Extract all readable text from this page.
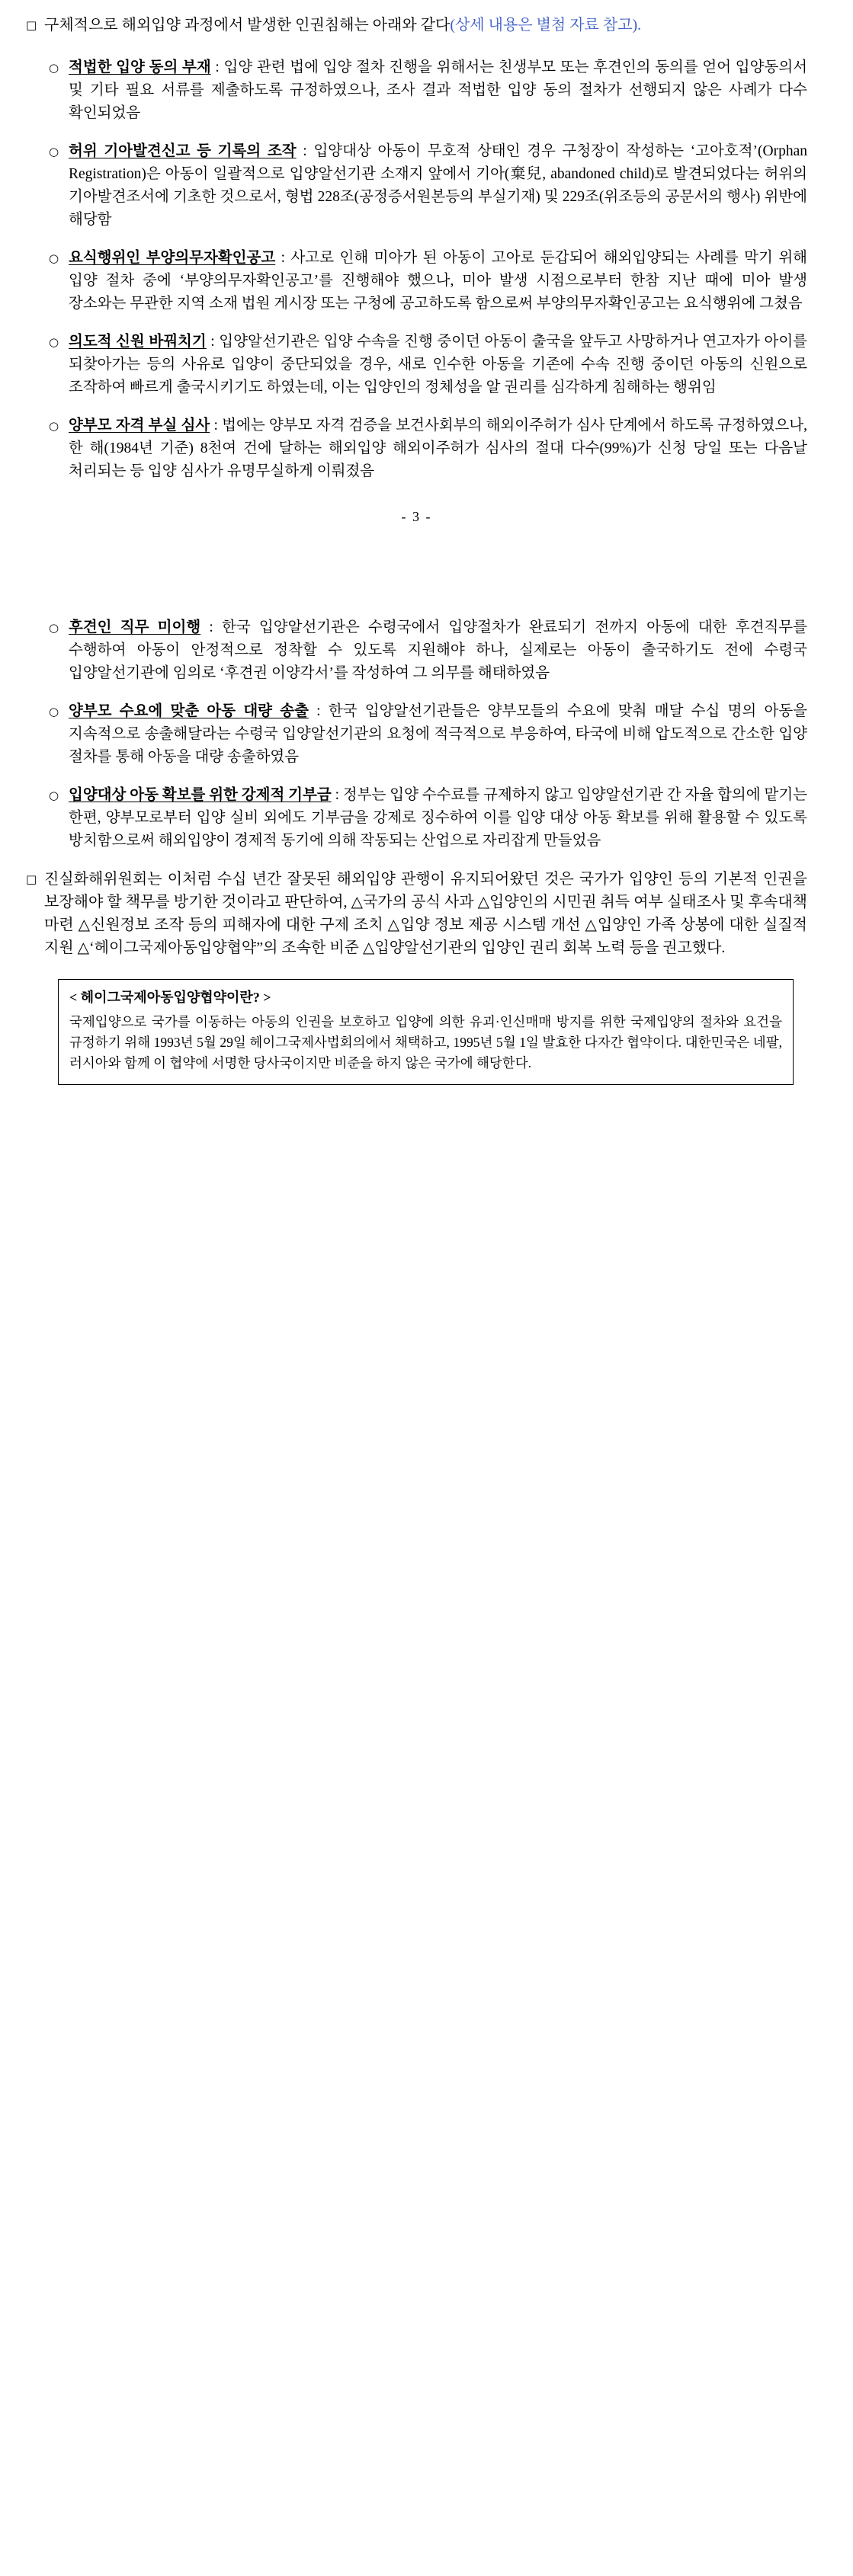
□ 구체적으로 해외입양 과정에서 발생한 인권침해는 아래와 같다(상세 내용은 별첨 자료 참고).
○ 적법한 입양 동의 부재 : 입양 관련 법에 입양 절차 진행을 위해서는 친생부모 또는 후견인의 동의를 얻어 입양동의서 및 기타 필요 서류를 제출하도록 규정하였으나, 조사 결과 적법한 입양 동의 절차가 선행되지 않은 사례가 다수 확인되었음
○ 허위 기아발견신고 등 기록의 조작 : 입양대상 아동이 무호적 상태인 경우 구청장이 작성하는 ‘고아호적’(Orphan Registration)은 아동이 일괄적으로 입양알선기관 소재지 앞에서 기아(棄兒, abandoned child)로 발견되었다는 허위의 기아발견조서에 기초한 것으로서, 형법 228조(공정증서원본등의 부실기재) 및 229조(위조등의 공문서의 행사) 위반에 해당함
○ 요식행위인 부양의무자확인공고 : 사고로 인해 미아가 된 아동이 고아로 둔갑되어 해외입양되는 사례를 막기 위해 입양 절차 중에 ‘부양의무자확인공고’를 진행해야 했으나, 미아 발생 시점으로부터 한참 지난 때에 미아 발생 장소와는 무관한 지역 소재 법원 게시장 또는 구청에 공고하도록 함으로써 부양의무자확인공고는 요식행위에 그쳤음
○ 의도적 신원 바꿔치기 : 입양알선기관은 입양 수속을 진행 중이던 아동이 출국을 앞두고 사망하거나 연고자가 아이를 되찾아가는 등의 사유로 입양이 중단되었을 경우, 새로 인수한 아동을 기존에 수속 진행 중이던 아동의 신원으로 조작하여 빠르게 출국시키기도 하였는데, 이는 입양인의 정체성을 알 권리를 심각하게 침해하는 행위임
○ 양부모 자격 부실 심사 : 법에는 양부모 자격 검증을 보건사회부의 해외이주허가 심사 단계에서 하도록 규정하였으나, 한 해(1984년 기준) 8천여 건에 달하는 해외입양 해외이주허가 심사의 절대 다수(99%)가 신청 당일 또는 다음날 처리되는 등 입양 심사가 유명무실하게 이뤄졌음
- 3 -
○ 후견인 직무 미이행 : 한국 입양알선기관은 수령국에서 입양절차가 완료되기 전까지 아동에 대한 후견직무를 수행하여 아동이 안정적으로 정착할 수 있도록 지원해야 하나, 실제로는 아동이 출국하기도 전에 수령국 입양알선기관에 임의로 ‘후견권 이양각서’를 작성하여 그 의무를 해태하였음
○ 양부모 수요에 맞춘 아동 대량 송출 : 한국 입양알선기관들은 양부모들의 수요에 맞춰 매달 수십 명의 아동을 지속적으로 송출해달라는 수령국 입양알선기관의 요청에 적극적으로 부응하여, 타국에 비해 압도적으로 간소한 입양 절차를 통해 아동을 대량 송출하였음
○ 입양대상 아동 확보를 위한 강제적 기부금 : 정부는 입양 수수료를 규제하지 않고 입양알선기관 간 자율 합의에 맡기는 한편, 양부모로부터 입양 실비 외에도 기부금을 강제로 징수하여 이를 입양 대상 아동 확보를 위해 활용할 수 있도록 방치함으로써 해외입양이 경제적 동기에 의해 작동되는 산업으로 자리잡게 만들었음
□ 진실화해위원회는 이처럼 수십 년간 잘못된 해외입양 관행이 유지되어왔던 것은 국가가 입양인 등의 기본적 인권을 보장해야 할 책무를 방기한 것이라고 판단하여, △국가의 공식 사과 △입양인의 시민권 취득 여부 실태조사 및 후속대책 마련 △신원정보 조작 등의 피해자에 대한 구제 조치 △입양 정보 제공 시스템 개선 △입양인 가족 상봉에 대한 실질적 지원 △‘헤이그국제아동입양협약”의 조속한 비준 △입양알선기관의 입양인 권리 회복 노력 등을 권고했다.
< 헤이그국제아동입양협약이란? >
국제입양으로 국가를 이동하는 아동의 인권을 보호하고 입양에 의한 유괴·인신매매 방지를 위한 국제입양의 절차와 요건을 규정하기 위해 1993년 5월 29일 헤이그국제사법회의에서 채택하고, 1995년 5월 1일 발효한 다자간 협약이다. 대한민국은 네팔, 러시아와 함께 이 협약에 서명한 당사국이지만 비준을 하지 않은 국가에 해당한다.
